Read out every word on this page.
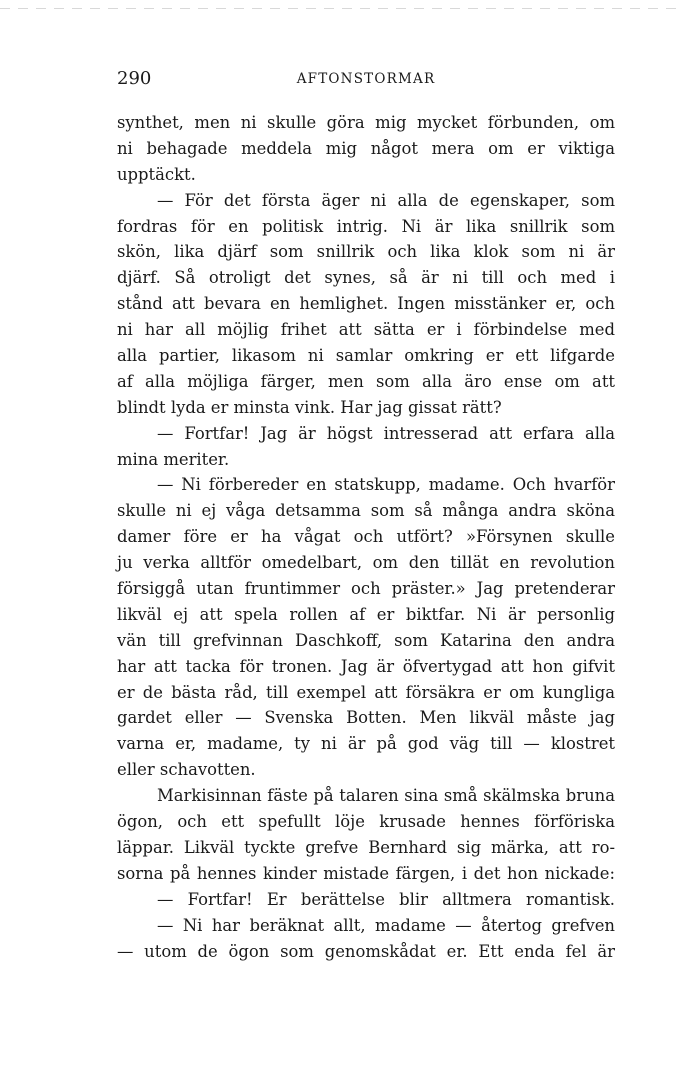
290	AFTONSTORMAR
synthet, men ni skulle göra mig mycket förbunden, om
ni behagade meddela mig något mera om er viktiga
upptäckt.
— För det första äger ni alla de egenskaper, som
fordras för en politisk intrig. Ni är lika snillrik som
skön, lika djärf som snillrik och lika klok som ni är
djärf. Så otroligt det synes, så är ni till och med i
stånd att bevara en hemlighet. Ingen misstänker er, och
ni har all möjlig frihet att sätta er i förbindelse med
alla partier, likasom ni samlar omkring er ett lifgarde
af alla möjliga färger, men som alla äro ense om att
blindt lyda er minsta vink. Har jag gissat rätt?
— Fortfar! Jag är högst intresserad att erfara alla
mina meriter.
— Ni förbereder en statskupp, madame. Och hvarför
skulle ni ej våga detsamma som så många andra sköna
damer före er ha vågat och utfört? »Försynen skulle
ju verka alltför omedelbart, om den tillät en revolution
försiggå utan fruntimmer och präster.» Jag pretenderar
likväl ej att spela rollen af er biktfar. Ni är personlig
vän till grefvinnan Daschkoff, som Katarina den andra
har att tacka för tronen. Jag är öfvertygad att hon gifvit
er de bästa råd, till exempel att försäkra er om kungliga
gardet eller — Svenska Botten. Men likväl måste jag
varna er, madame, ty ni är på god väg till — klostret
eller schavotten.
Markisinnan fäste på talaren sina små skälmska bruna
ögon, och ett spefullt löje krusade hennes förföriska
läppar. Likväl tyckte grefve Bernhard sig märka, att ro-
sorna på hennes kinder mistade färgen, i det hon nickade:
— Fortfar! Er berättelse blir alltmera romantisk.
— Ni har beräknat allt, madame — återtog grefven
— utom de ögon som genomskådat er. Ett enda fel är
